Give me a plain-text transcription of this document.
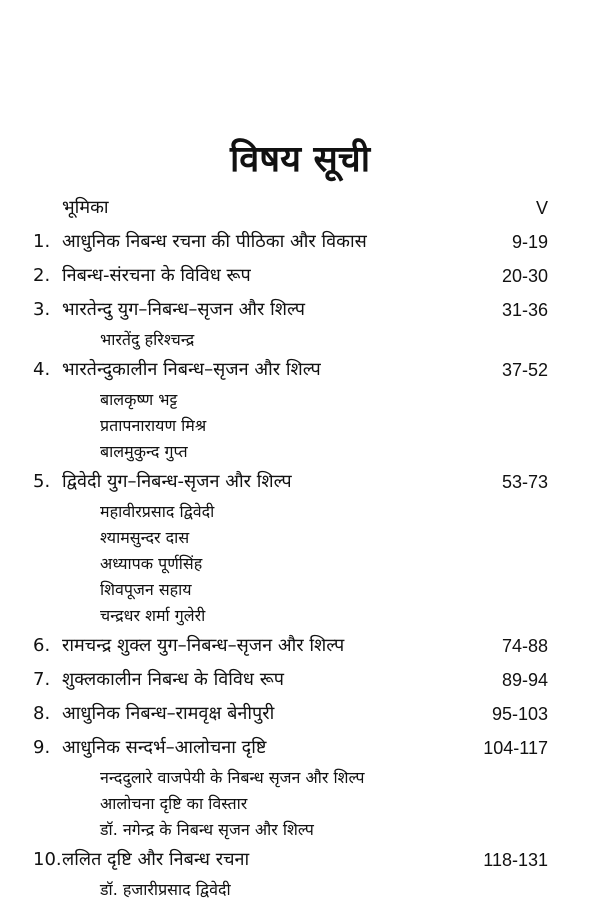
विषय सूची
भूमिका	V
1. आधुनिक निबन्ध रचना की पीठिका और विकास	9-19
2. निबन्ध-संरचना के विविध रूप	20-30
3. भारतेन्दु युग–निबन्ध–सृजन और शिल्प	31-36
भारतेंदु हरिश्चन्द्र
4. भारतेन्दुकालीन निबन्ध–सृजन और शिल्प	37-52
बालकृष्ण भट्ट
प्रतापनारायण मिश्र
बालमुकुन्द गुप्त
5. द्विवेदी युग–निबन्ध-सृजन और शिल्प	53-73
महावीरप्रसाद द्विवेदी
श्यामसुन्दर दास
अध्यापक पूर्णसिंह
शिवपूजन सहाय
चन्द्रधर शर्मा गुलेरी
6. रामचन्द्र शुक्ल युग–निबन्ध–सृजन और शिल्प	74-88
7. शुक्लकालीन निबन्ध के विविध रूप	89-94
8. आधुनिक निबन्ध–रामवृक्ष बेनीपुरी	95-103
9. आधुनिक सन्दर्भ–आलोचना दृष्टि	104-117
नन्ददुलारे वाजपेयी के निबन्ध सृजन और शिल्प
आलोचना दृष्टि का विस्तार
डॉ. नगेन्द्र के निबन्ध सृजन और शिल्प
10. ललित दृष्टि और निबन्ध रचना	118-131
डॉ. हजारीप्रसाद द्विवेदी
